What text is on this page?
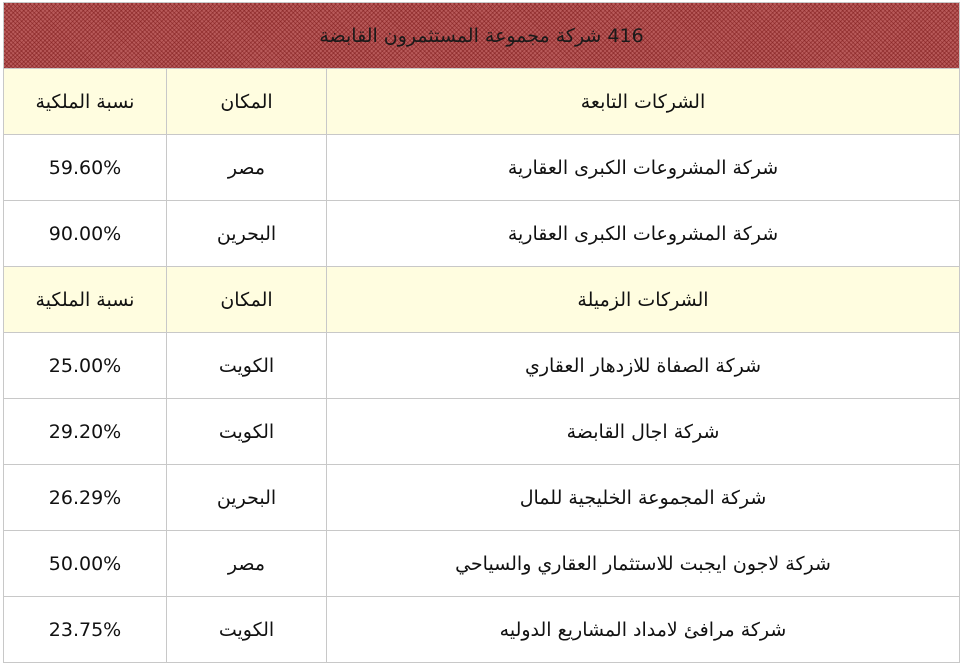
416 شركة مجموعة المستثمرون القابضة		
الشركات التابعة	المكان	نسبة الملكية
شركة المشروعات الكبرى العقارية	مصر	59.60%
شركة المشروعات الكبرى العقارية	البحرين	90.00%
الشركات الزميلة	المكان	نسبة الملكية
شركة الصفاة للازدهار العقاري	الكويت	25.00%
شركة اجال القابضة	الكويت	29.20%
شركة المجموعة الخليجية للمال	البحرين	26.29%
شركة لاجون ايجبت للاستثمار العقاري والسياحي	مصر	50.00%
شركة مرافئ لامداد المشاريع الدوليه	الكويت	23.75%
